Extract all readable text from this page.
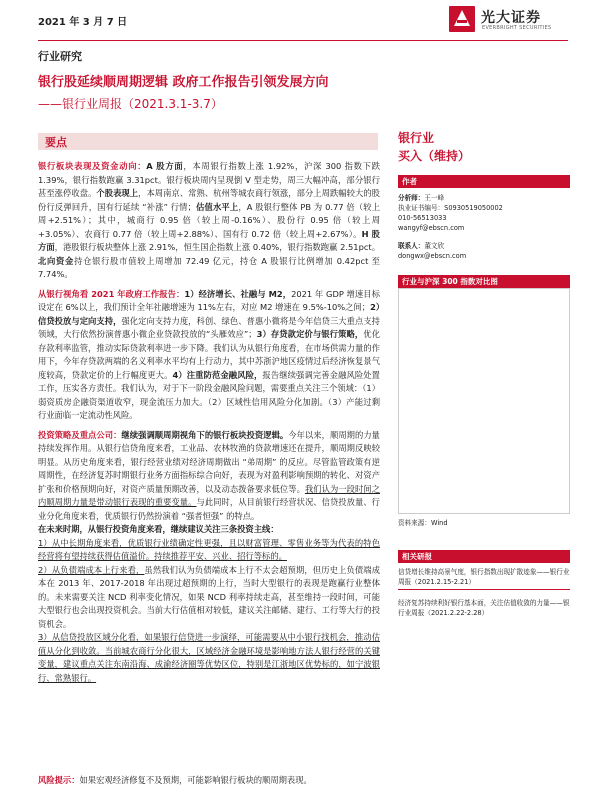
2021 年 3 月 7 日	光大证券
EVERBRIGHT SECURITIES
行业研究
银行股延续顺周期逻辑 政府工作报告引领发展方向
——银行业周报（2021.3.1-3.7）
要点

银行板块表现及资金动向：A 股方面，本周银行指数上涨 1.92%，沪深 300 指数下跌 1.39%，银行指数跑赢 3.31pct。银行板块周内呈现倒 V 型走势，周三大幅冲高，部分银行甚至涨停收盘。个股表现上，本周南京、常熟、杭州等城农商行领涨，部分上周跌幅较大的股份行反弹回升，国有行延续 “补涨” 行情；估值水平上，A 股银行整体 PB 为 0.77 倍（较上周+2.51%）；其中，城商行 0.95 倍（较上周-0.16%）、股份行 0.95 倍（较上周+3.05%）、农商行 0.77 倍（较上周+2.88%）、国有行 0.72 倍（较上周+2.67%）。H 股方面，港股银行板块整体上涨 2.91%，恒生国企指数上涨 0.40%，银行指数跑赢 2.51pct。北向资金持仓银行股市值较上周增加 72.49 亿元，持仓 A 股银行比例增加 0.42pct 至 7.74%。

从银行视角看 2021 年政府工作报告：1）经济增长、社融与 M2，2021 年 GDP 增速目标设定在 6%以上，我们预计全年社融增速为 11%左右，对应 M2 增速在 9.5%-10%之间；2）信贷投放与定向支持，强化定向支持力度，科创、绿色、普惠小微将是今年信贷三大重点支持领域，大行依然扮演普惠小微企业贷款投放的“头雁效应”；3）存贷款定价与银行策略，优化存款利率监管，推动实际贷款利率进一步下降。我们认为从银行角度看，在市场供需力量的作用下，今年存贷款两端的名义利率水平均有上行动力，其中苏浙沪地区疫情过后经济恢复景气度较高，贷款定价的上行幅度更大。4）注重防范金融风险，报告继续强调完善金融风险处置工作，压实各方责任。我们认为，对于下一阶段金融风险问题，需要重点关注三个领域：（1）弱资质房企融资渠道收窄，现金流压力加大。（2）区域性信用风险分化加剧。（3）产能过剩行业面临一定流动性风险。

投资策略及重点公司：继续强调顺周期视角下的银行板块投资逻辑。今年以来，顺周期的力量持续发挥作用。从银行信贷角度来看，工业品、农林牧渔的贷款增速还在提升，顺周期反映较明显。从历史角度来看，银行经营业绩对经济周期做出 “弟周期” 的反应。尽管监管政策有逆周期性，在经济复苏时期银行业务方面指标综合向好，表现为对盈利影响预期的转化、对资产扩张和价格预期向好，对资产质量预期改善，以及动态拨备要求低位等。我们认为一段时间之内顺周期力量是带动银行表现的重要变量。与此同时，从目前银行经营状况、信贷投放量、行业分化角度来看，优质银行仍然扮演着 “强者恒强” 的特点。
在未来时期，从银行投资角度来看，继续建议关注三条投资主线：
1）从中长期角度来看，优质银行业绩确定性更强，且以财富管理、零售业务等为代表的特色经营将有望持续获得估值溢价。持续推荐平安、兴业、招行等标的。
2）从负债端成本上行来看，虽然我们认为负债端成本上行不太会超预期，但历史上负债端成本在 2013 年、2017-2018 年出现过超预期的上行，当时大型银行的表现是跑赢行业整体的。未来需要关注 NCD 利率变化情况，如果 NCD 利率持续走高，甚至维持一段时间，可能大型银行也会出现投资机会。当前大行估值相对较低，建议关注邮储、建行、工行等大行的投资机会。
3）从信贷投放区域分化看，如果银行信贷进一步演绎，可能需要从中小银行找机会，推动估值从分化到收敛。当前城农商行分化很大，区域经济金融环境是影响地方法人银行经营的关键变量，建议重点关注东南沿海、成渝经济圈等优势区位，特别是江浙地区优势标的，如宁波银行、常熟银行。

风险提示：如果宏观经济修复不及预期，可能影响银行板块的顺周期表现。
银行业
买入（维持）
作者
分析师：王一峰
执业证书编号：S0930519050002
010-56513033
wangyf@ebscn.com
联系人：董文欣
dongwx@ebscn.com
行业与沪深 300 指数对比图
资料来源：Wind
相关研报
信贷增长维持高景气度，银行指数出现扩散迹象——银行业周报（2021.2.15-2.21）
经济复苏持续利好银行基本面，关注估值收敛的力量——银行业周报（2021.2.22-2.28）
